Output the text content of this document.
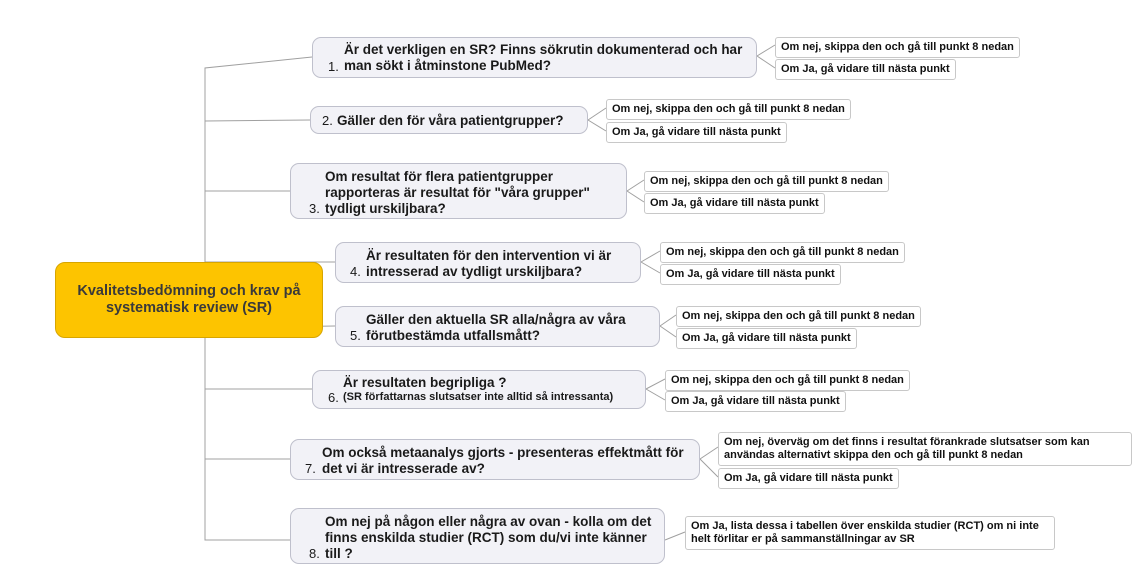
Kvalitetsbedömning och krav på systematisk review (SR)
1.
Är det verkligen en SR? Finns sökrutin dokumenterad och har man sökt i åtminstone PubMed?
Om nej, skippa den och gå till punkt 8 nedan
Om Ja, gå vidare till nästa punkt
2. Gäller den för våra patientgrupper?
Om nej, skippa den och gå till punkt 8 nedan
Om Ja, gå vidare till nästa punkt
3.
Om resultat för flera patientgrupper rapporteras är resultat för "våra grupper" tydligt urskiljbara?
Om nej, skippa den och gå till punkt 8 nedan
Om Ja, gå vidare till nästa punkt
4.
Är resultaten för den intervention vi är intresserad av tydligt urskiljbara?
Om nej, skippa den och gå till punkt 8 nedan
Om Ja, gå vidare till nästa punkt
5.
Gäller den aktuella SR alla/några av våra förutbestämda utfallsmått?
Om nej, skippa den och gå till punkt 8 nedan
Om Ja, gå vidare till nästa punkt
6.
Är resultaten begripliga ?
(SR författarnas slutsatser inte alltid så intressanta)
Om nej, skippa den och gå till punkt 8 nedan
Om Ja, gå vidare till nästa punkt
7.
Om också metaanalys gjorts - presenteras effektmått för det vi är intresserade av?
Om nej, överväg om det finns i resultat förankrade slutsatser som kan användas alternativt skippa den och gå till punkt 8 nedan
Om Ja, gå vidare till nästa punkt
8.
Om nej på någon eller några av ovan - kolla om det finns enskilda studier (RCT) som du/vi inte känner till ?
Om Ja, lista dessa i tabellen över enskilda studier (RCT) om ni inte helt förlitar er på sammanställningar av SR
